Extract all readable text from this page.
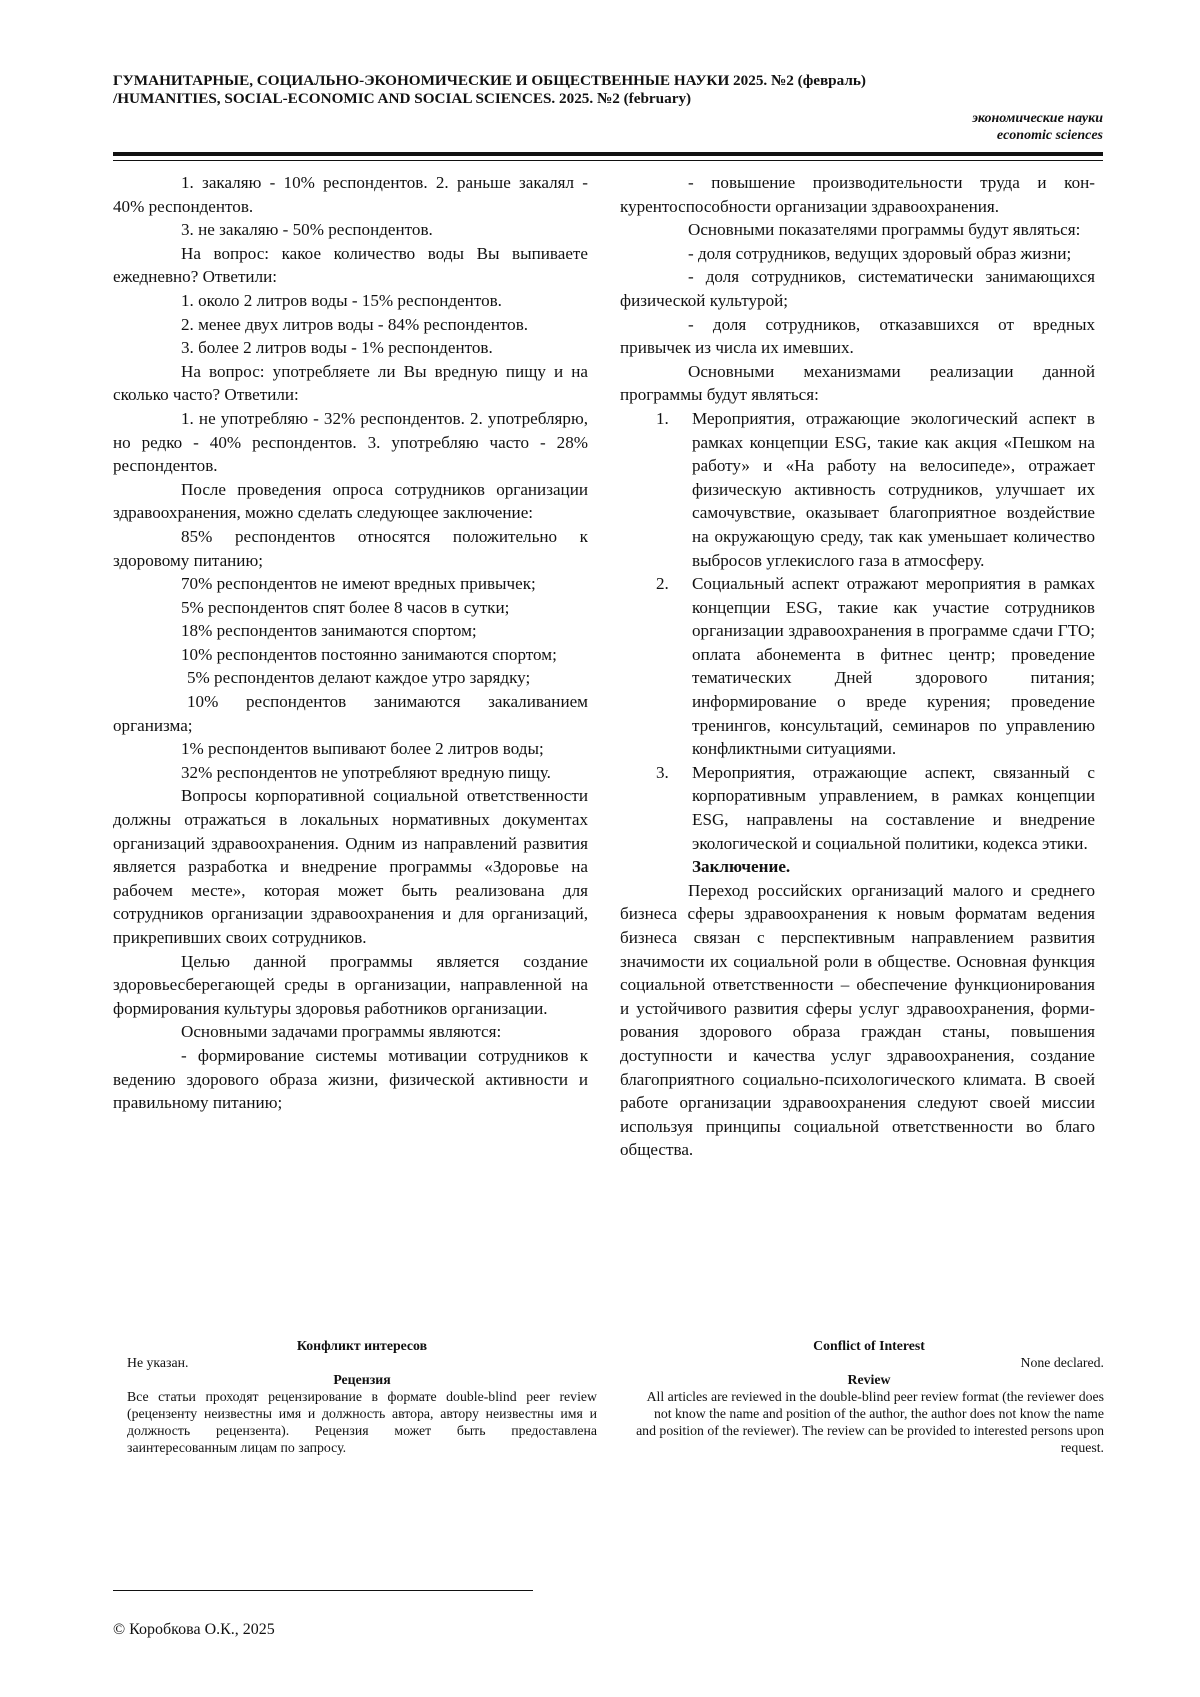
ГУМАНИТАРНЫЕ, СОЦИАЛЬНО-ЭКОНОМИЧЕСКИЕ И ОБЩЕСТВЕННЫЕ НАУКИ 2025. №2 (февраль)
/HUMANITIES, SOCIAL-ECONOMIC AND SOCIAL SCIENCES. 2025. №2 (february)
экономические науки
economic sciences

1. закаляю - 10% респондентов. 2. раньше закалял - 40% респондентов.

3. не закаляю - 50% респондентов.

На вопрос: какое количество воды Вы выпиваете ежедневно? Ответили:

1. около 2 литров воды - 15% респондентов.

2. менее двух литров воды - 84% респондентов.

3. более 2 литров воды - 1% респондентов.

На вопрос: употребляете ли Вы вредную пищу и на сколько часто? Ответили:

1. не употребляю - 32% респондентов. 2. употреблярю, но редко - 40% респондентов. 3. употребляю часто - 28% респондентов.

После проведения опроса сотрудников организации здравоохранения, можно сделать следующее заключение:

85% респондентов относятся положительно к здоровому питанию;

70% респондентов не имеют вредных привычек;

5% респондентов спят более 8 часов в сутки;

18% респондентов занимаются спортом;

10% респондентов постоянно занимаются спортом;

5% респондентов делают каждое утро зарядку;

10% респондентов занимаются закаливанием организма;

1% респондентов выпивают более 2 литров воды;

32% респондентов не употребляют вредную пищу.

Вопросы корпоративной социальной ответственности должны отражаться в локальных нормативных документах организаций здравоохранения. Одним из направлений развития является разработка и внедрение программы «Здоровье на рабочем месте», которая может быть реализована для сотрудников организации здравоохранения и для организаций, прикрепивших своих сотрудников.

Целью данной программы является создание здоровьесберегающей среды в организации, направленной на формирования культуры здоровья работников организации.

Основными задачами программы являются:

- формирование системы мотивации сотрудников к ведению здорового образа жизни, физической активности и правильному питанию;

- повышение производительности труда и конкурентоспособности организации здравоохранения.

Основными показателями программы будут являться:

- доля сотрудников, ведущих здоровый образ жизни;

- доля сотрудников, систематически занимающихся физической культурой;

- доля сотрудников, отказавшихся от вредных привычек из числа их имевших.

Основными механизмами реализации данной программы будут являться:

1. Мероприятия, отражающие экологический аспект в рамках концепции ESG, такие как акция «Пешком на работу» и «На работу на велосипеде», отражает физическую активность сотрудников, улучшает их самочувствие, оказывает благоприятное воздействие на окружающую среду, так как уменьшает количество выбросов углекислого газа в атмосферу.
2. Социальный аспект отражают мероприятия в рамках концепции ESG, такие как участие сотрудников организации здравоохранения в программе сдачи ГТО; оплата абонемента в фитнес центр; проведение тематических Дней здорового питания; информирование о вреде курения; проведение тренингов, консультаций, семинаров по управлению конфликтными ситуациями.
3. Мероприятия, отражающие аспект, связанный с корпоративным управлением, в рамках концепции ESG, направлены на составление и внедрение экологической и социальной политики, кодекса этики.

Заключение.

Переход российских организаций малого и среднего бизнеса сферы здравоохранения к новым форматам ведения бизнеса связан с перспективным направлением развития значимости их социальной роли в обществе. Основная функция социальной ответственности – обеспечение функционирования и устойчивого развития сферы услуг здравоохранения, формирования здорового образа граждан станы, повышения доступности и качества услуг здравоохранения, создание благоприятного социально-психологического климата. В своей работе организации здравоохранения следуют своей миссии используя принципы социальной ответственности во благо общества.

Конфликт интересов
Не указан.
Рецензия
Все статьи проходят рецензирование в формате double-blind peer review (рецензенту неизвестны имя и должность автора, автору неизвестны имя и должность рецензента). Рецензия может быть предоставлена заинтересованным лицам по запросу.
Conflict of Interest
None declared.
Review
All articles are reviewed in the double-blind peer review format (the reviewer does not know the name and position of the author, the author does not know the name and position of the reviewer). The review can be provided to interested persons upon request.
© Коробкова О.К., 2025
